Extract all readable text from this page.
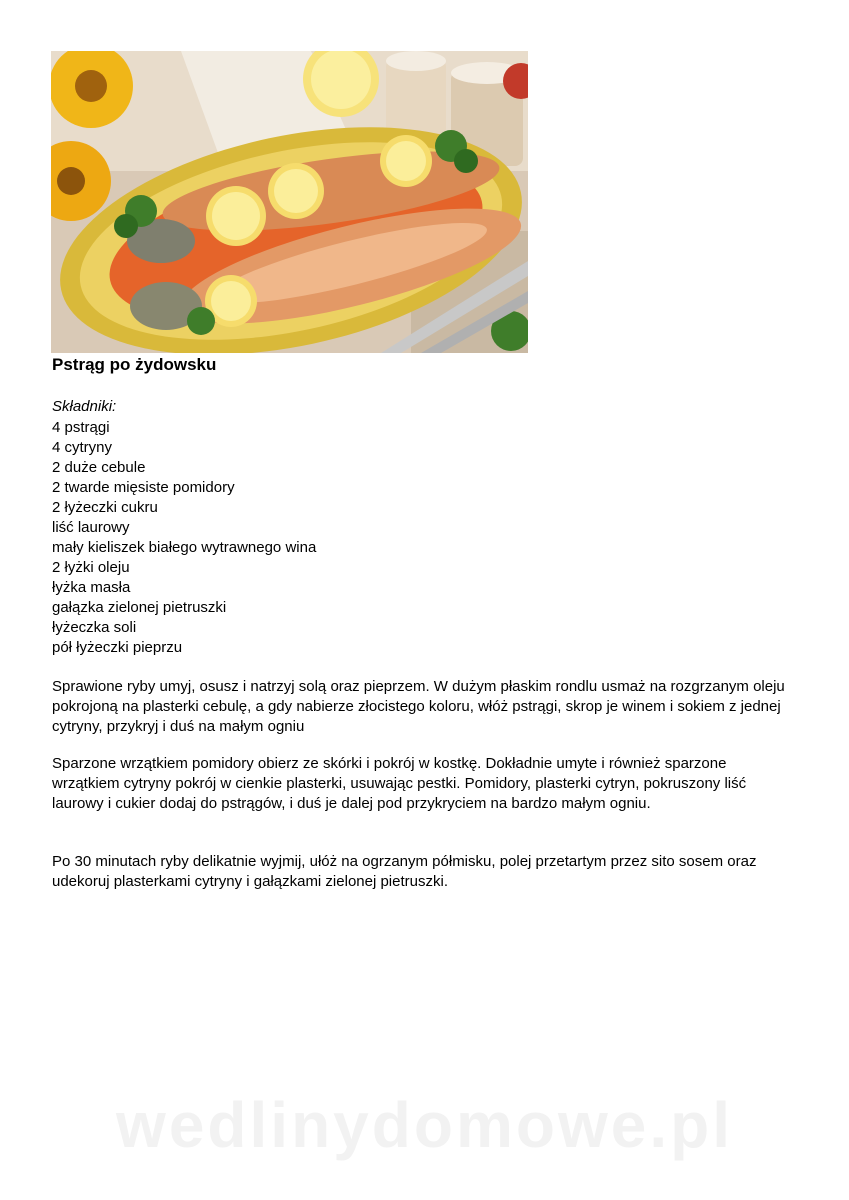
Pstrąg po żydowsku
Składniki:
4 pstrągi
4 cytryny
2 duże cebule
2 twarde mięsiste pomidory
2 łyżeczki cukru
liść laurowy
mały kieliszek białego wytrawnego wina
2 łyżki oleju
łyżka masła
gałązka zielonej pietruszki
łyżeczka soli
pół łyżeczki pieprzu

Sprawione ryby umyj, osusz i natrzyj solą oraz pieprzem. W dużym płaskim rondlu usmaż na rozgrzanym oleju pokrojoną na plasterki cebulę, a gdy nabierze złocistego koloru, włóż pstrągi, skrop je winem i sokiem z jednej cytryny, przykryj i duś na małym ogniu

Sparzone wrzątkiem pomidory obierz ze skórki i pokrój w kostkę. Dokładnie umyte i również sparzone wrzątkiem cytryny pokrój w cienkie plasterki, usuwając pestki. Pomidory, plasterki cytryn, pokruszony liść laurowy i cukier dodaj do pstrągów, i duś je dalej pod przykryciem na bardzo małym ogniu.

Po 30 minutach ryby delikatnie wyjmij, ułóż na ogrzanym półmisku, polej przetartym przez sito sosem oraz udekoruj plasterkami cytryny i gałązkami zielonej pietruszki.

wedlinydomowe.pl
